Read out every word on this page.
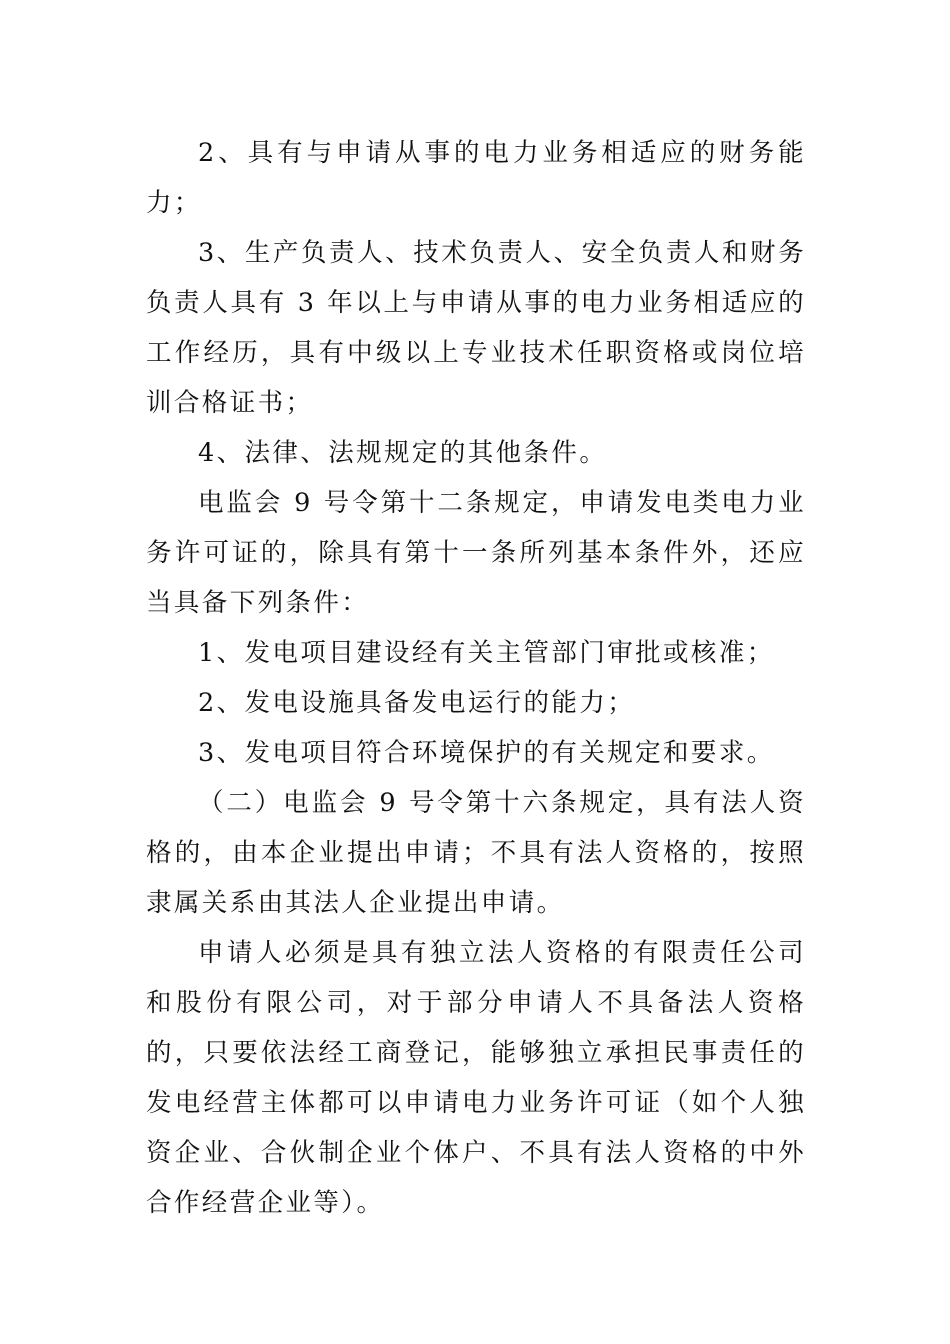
2、具有与申请从事的电力业务相适应的财务能力；

3、生产负责人、技术负责人、安全负责人和财务负责人具有 3 年以上与申请从事的电力业务相适应的工作经历，具有中级以上专业技术任职资格或岗位培训合格证书；

4、法律、法规规定的其他条件。

电监会 9 号令第十二条规定，申请发电类电力业务许可证的，除具有第十一条所列基本条件外，还应当具备下列条件：

1、发电项目建设经有关主管部门审批或核准；

2、发电设施具备发电运行的能力；

3、发电项目符合环境保护的有关规定和要求。

（二）电监会 9 号令第十六条规定，具有法人资格的，由本企业提出申请；不具有法人资格的，按照隶属关系由其法人企业提出申请。

申请人必须是具有独立法人资格的有限责任公司和股份有限公司，对于部分申请人不具备法人资格的，只要依法经工商登记，能够独立承担民事责任的发电经营主体都可以申请电力业务许可证（如个人独资企业、合伙制企业个体户、不具有法人资格的中外合作经营企业等）。
